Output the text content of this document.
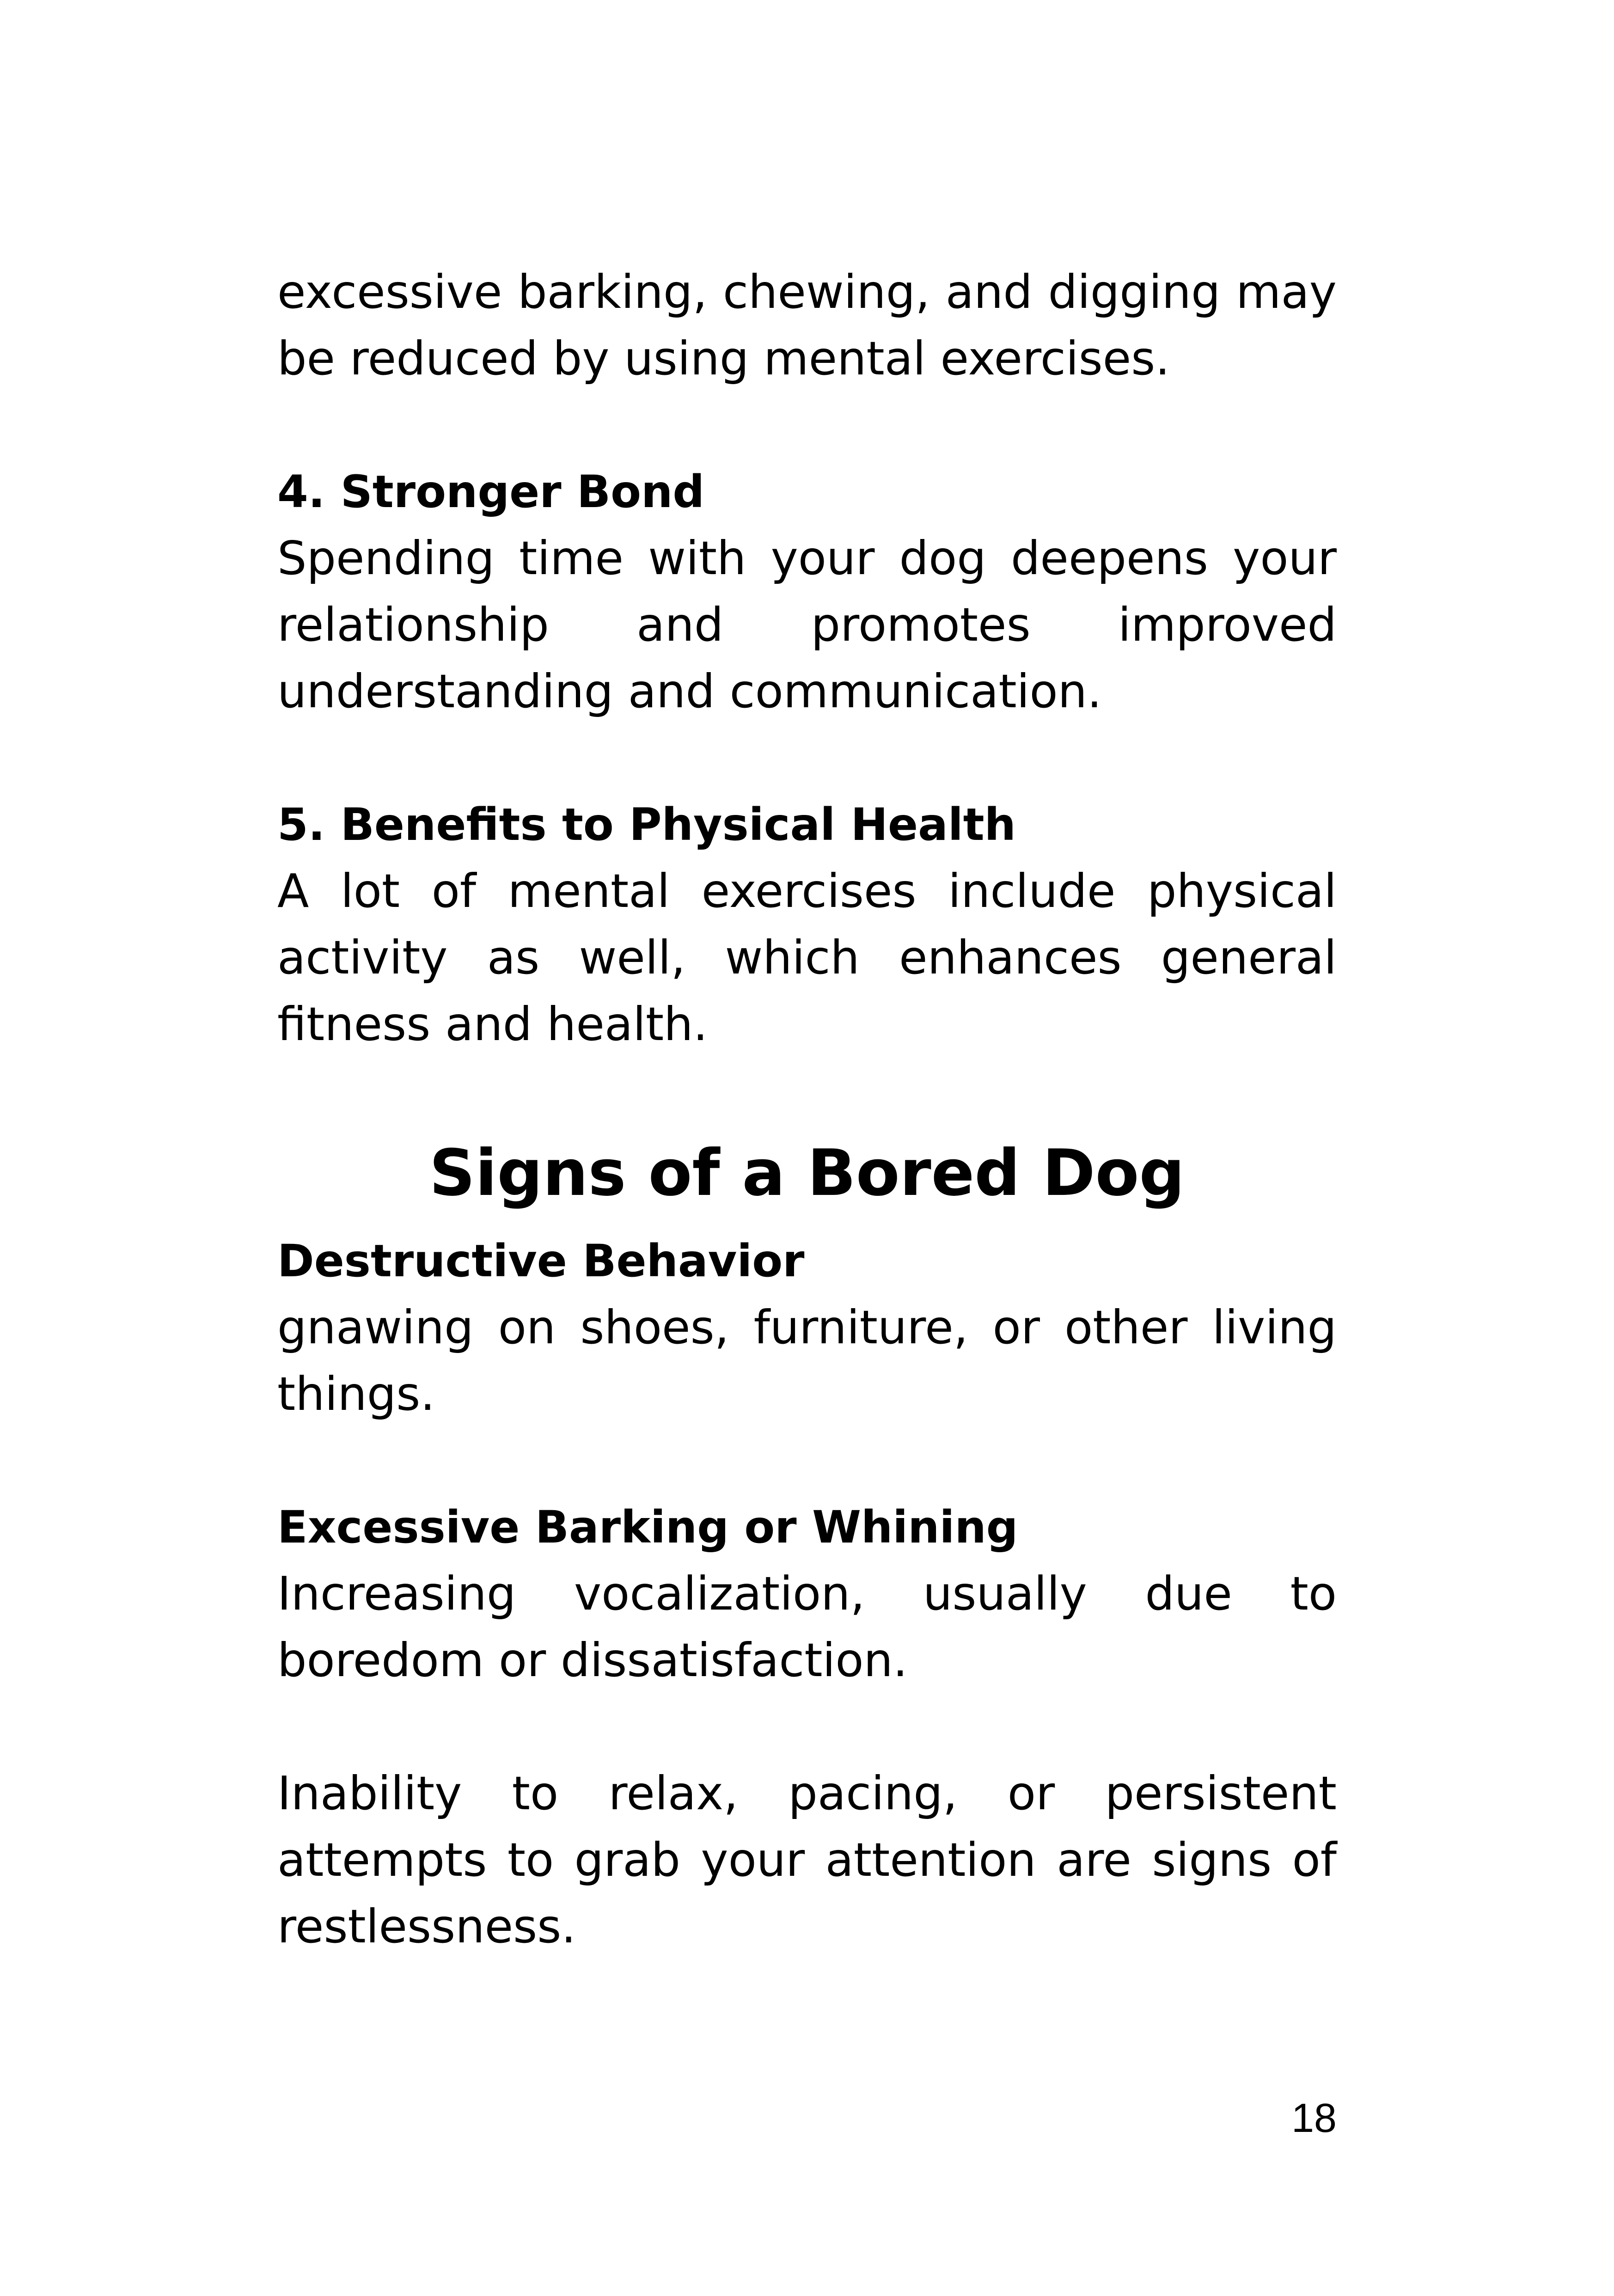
excessive barking, chewing, and digging may be reduced by using mental exercises.

4. Stronger Bond

Spending time with your dog deepens your relationship and promotes improved understanding and communication.

5. Benefits to Physical Health

A lot of mental exercises include physical activity as well, which enhances general fitness and health.

Signs of a Bored Dog
Destructive Behavior

gnawing on shoes, furniture, or other living things.

Excessive Barking or Whining

Increasing vocalization, usually due to boredom or dissatisfaction.

Inability to relax, pacing, or persistent attempts to grab your attention are signs of restlessness.

18
